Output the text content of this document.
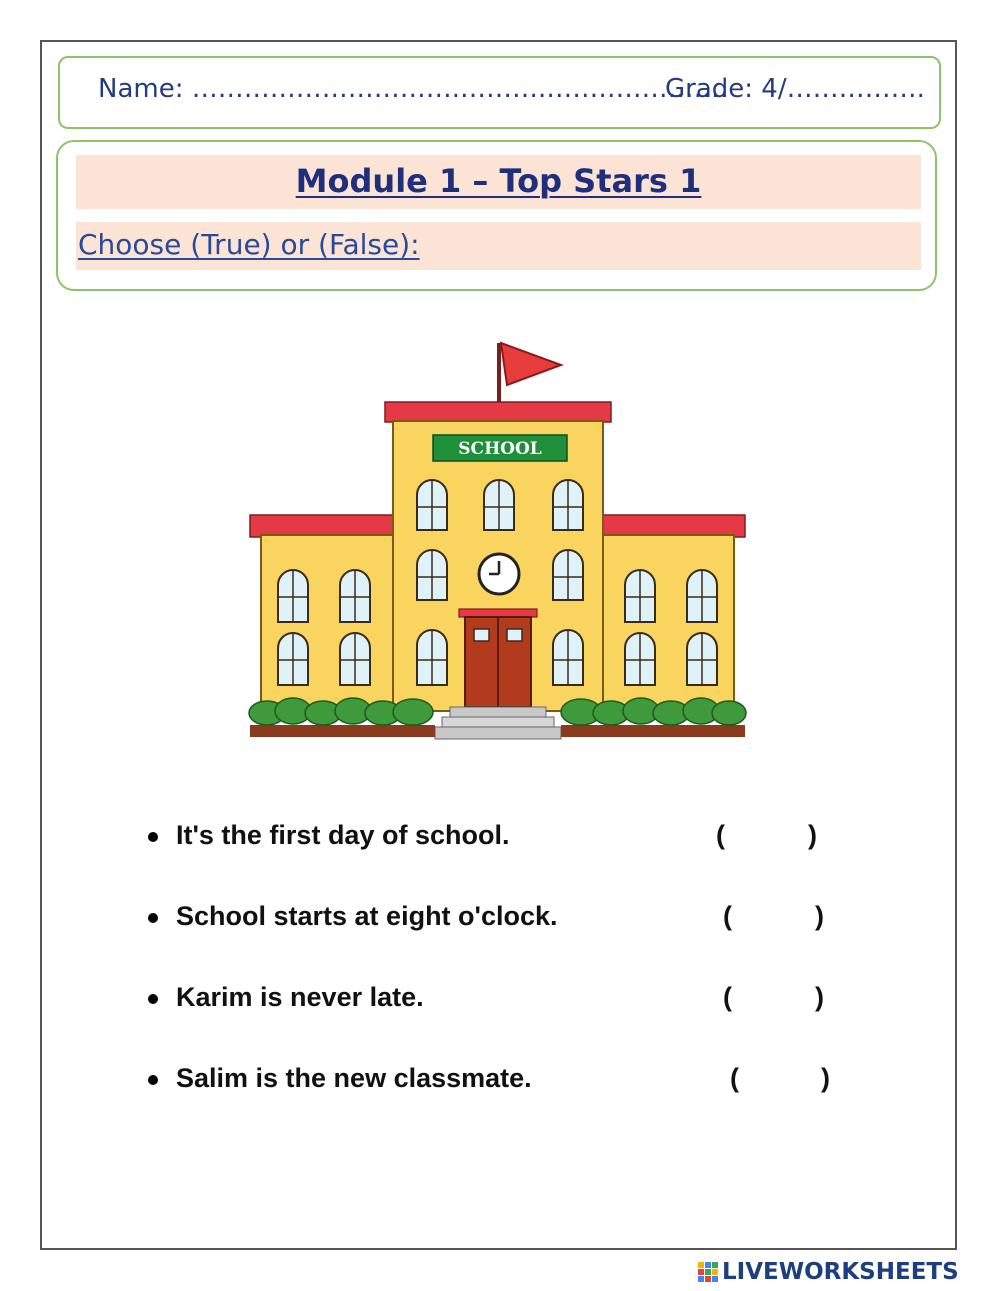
Name: ………………………….……….…………………
Grade: 4/…………….
Module 1 – Top Stars 1
Choose (True) or (False):
SCHOOL
It's the first day of school.	(	)
School starts at eight o'clock.	(	)
Karim is never late.	(	)
Salim is the new classmate.	(	)
LIVEWORKSHEETS
